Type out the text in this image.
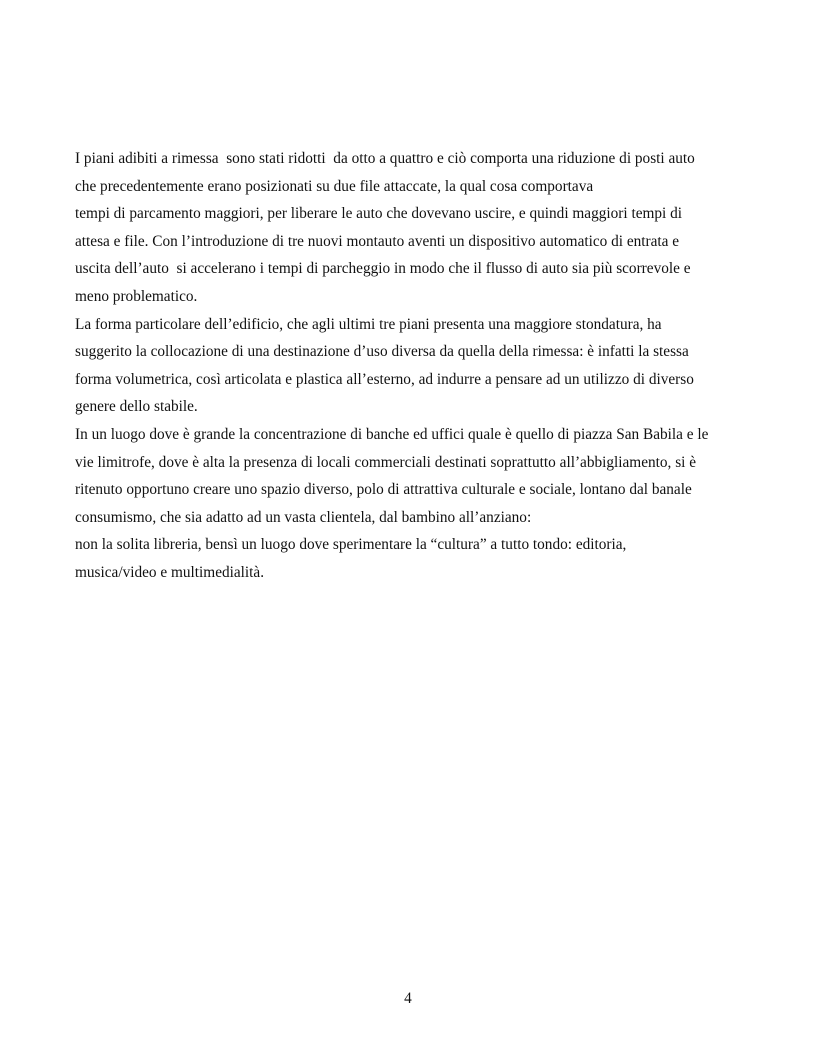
I piani adibiti a rimessa  sono stati ridotti  da otto a quattro e ciò comporta una riduzione di posti auto
che precedentemente erano posizionati su due file attaccate, la qual cosa comportava
tempi di parcamento maggiori, per liberare le auto che dovevano uscire, e quindi maggiori tempi di
attesa e file. Con l’introduzione di tre nuovi montauto aventi un dispositivo automatico di entrata e
uscita dell’auto  si accelerano i tempi di parcheggio in modo che il flusso di auto sia più scorrevole e
meno problematico.
La forma particolare dell’edificio, che agli ultimi tre piani presenta una maggiore stondatura, ha
suggerito la collocazione di una destinazione d’uso diversa da quella della rimessa: è infatti la stessa
forma volumetrica, così articolata e plastica all’esterno, ad indurre a pensare ad un utilizzo di diverso
genere dello stabile.
In un luogo dove è grande la concentrazione di banche ed uffici quale è quello di piazza San Babila e le
vie limitrofe, dove è alta la presenza di locali commerciali destinati soprattutto all’abbigliamento, si è
ritenuto opportuno creare uno spazio diverso, polo di attrattiva culturale e sociale, lontano dal banale
consumismo, che sia adatto ad un vasta clientela, dal bambino all’anziano:
non la solita libreria, bensì un luogo dove sperimentare la “cultura” a tutto tondo: editoria,
musica/video e multimedialità.
4
